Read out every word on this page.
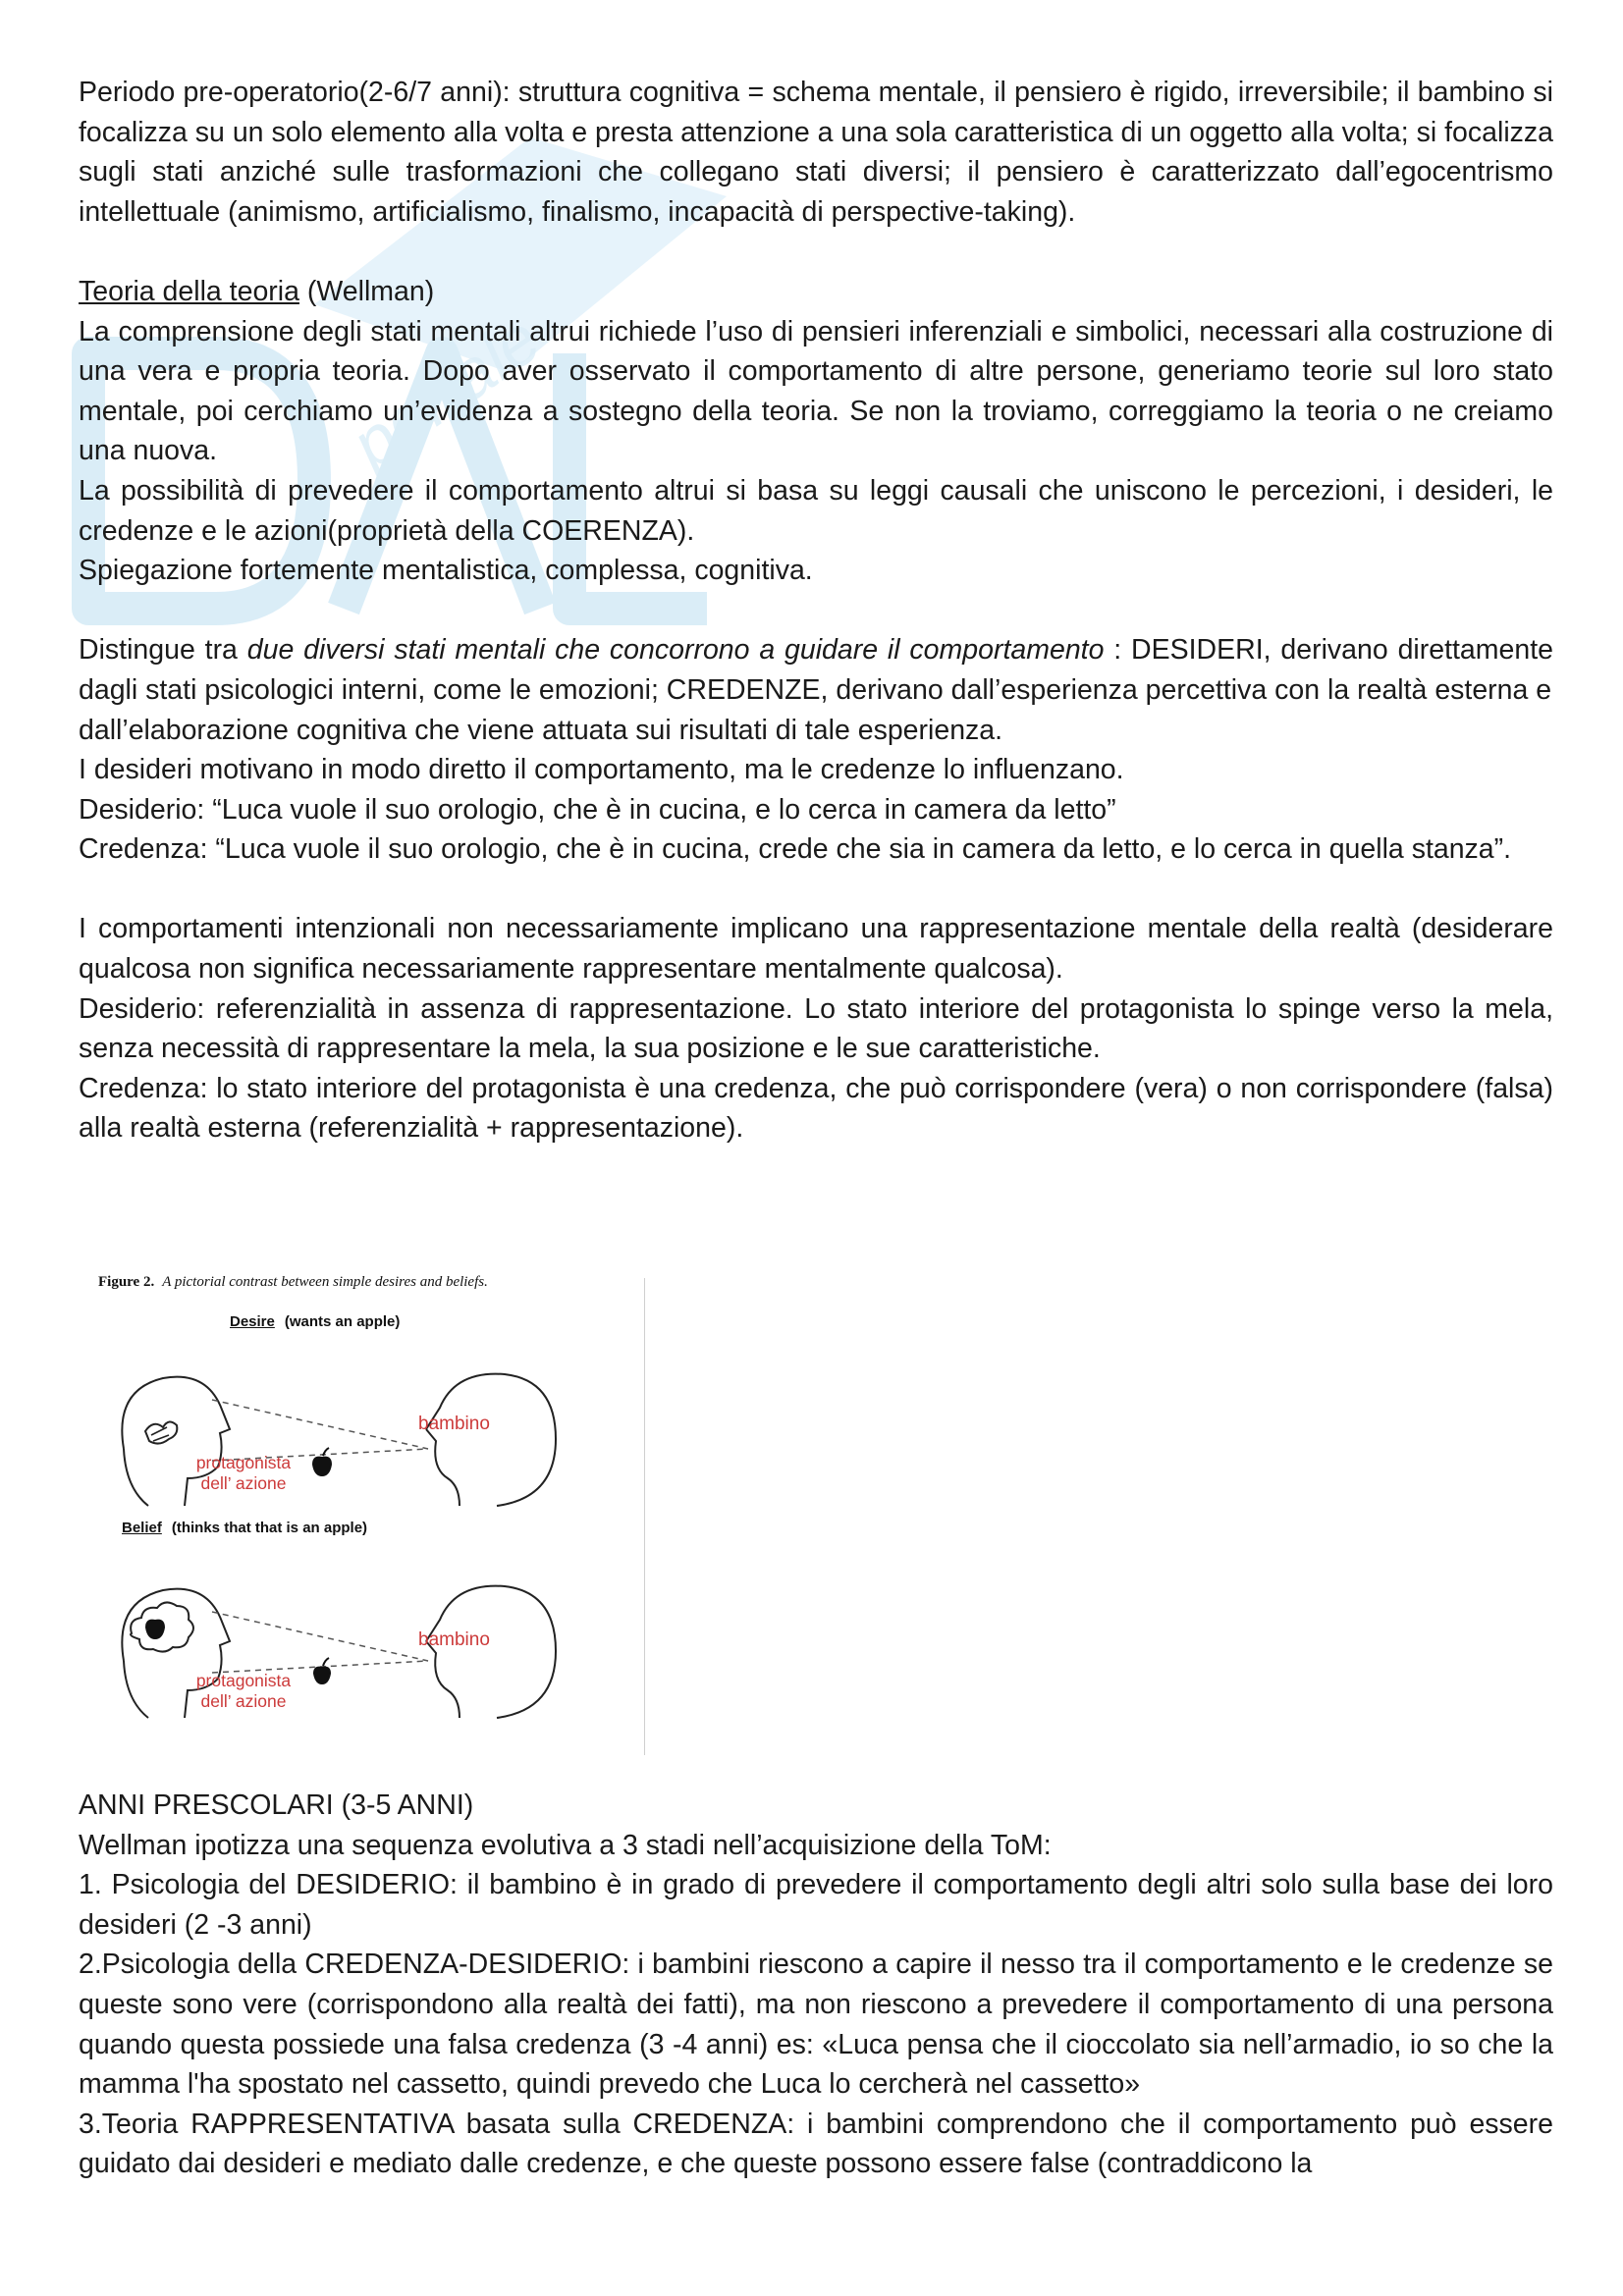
portale

Periodo pre-operatorio(2-6/7 anni): struttura cognitiva = schema mentale, il pensiero è rigido, irreversibile; il bambino si focalizza su un solo elemento alla volta e presta attenzione a una sola caratteristica di un oggetto alla volta; si focalizza sugli stati anziché sulle trasformazioni che collegano stati diversi; il pensiero è caratterizzato dall’egocentrismo intellettuale (animismo, artificialismo, finalismo, incapacità di perspective-taking).

Teoria della teoria (Wellman)

La comprensione degli stati mentali altrui richiede l’uso di pensieri inferenziali e simbolici, necessari alla costruzione di una vera e propria teoria. Dopo aver osservato il comportamento di altre persone, generiamo teorie sul loro stato mentale, poi cerchiamo un’evidenza a sostegno della teoria. Se non la troviamo, correggiamo la teoria o ne creiamo una nuova.

La possibilità di prevedere il comportamento altrui si basa su leggi causali che uniscono le percezioni, i desideri, le credenze e le azioni(proprietà della COERENZA).

Spiegazione fortemente mentalistica, complessa, cognitiva.

Distingue tra due diversi stati mentali che concorrono a guidare il comportamento : DESIDERI, derivano direttamente dagli stati psicologici interni, come le emozioni; CREDENZE, derivano dall’esperienza percettiva con la realtà esterna e

dall’elaborazione cognitiva che viene attuata sui risultati di tale esperienza.

I desideri motivano in modo diretto il comportamento, ma le credenze lo influenzano.

Desiderio: “Luca vuole il suo orologio, che è in cucina, e lo cerca in camera da letto”

Credenza: “Luca vuole il suo orologio, che è in cucina, crede che sia in camera da letto, e lo cerca in quella stanza”.

I comportamenti intenzionali non necessariamente implicano una rappresentazione mentale della realtà (desiderare qualcosa non significa necessariamente rappresentare mentalmente qualcosa).

Desiderio: referenzialità in assenza di rappresentazione. Lo stato interiore del protagonista lo spinge verso la mela, senza necessità di rappresentare la mela, la sua posizione e le sue caratteristiche.

Credenza: lo stato interiore del protagonista è una credenza, che può corrispondere (vera) o non corrispondere (falsa) alla realtà esterna (referenzialità + rappresentazione).

Figure 2. A pictorial contrast between simple desires and beliefs.
Desire (wants an apple)
bambino
protagonista
dell’ azione
Belief (thinks that that is an apple)
bambino
protagonista
dell’ azione

ANNI PRESCOLARI (3-5 ANNI)

Wellman ipotizza una sequenza evolutiva a 3 stadi nell’acquisizione della ToM:

1. Psicologia del DESIDERIO: il bambino è in grado di prevedere il comportamento degli altri solo sulla base dei loro desideri (2 -3 anni)

2.Psicologia della CREDENZA-DESIDERIO: i bambini riescono a capire il nesso tra il comportamento e le credenze se queste sono vere (corrispondono alla realtà dei fatti), ma non riescono a prevedere il comportamento di una persona quando questa possiede una falsa credenza (3 -4 anni) es: «Luca pensa che il cioccolato sia nell’armadio, io so che la mamma l'ha spostato nel cassetto, quindi prevedo che Luca lo cercherà nel cassetto»

3.Teoria RAPPRESENTATIVA basata sulla CREDENZA: i bambini comprendono che il comportamento può essere guidato dai desideri e mediato dalle credenze, e che queste possono essere false (contraddicono la
